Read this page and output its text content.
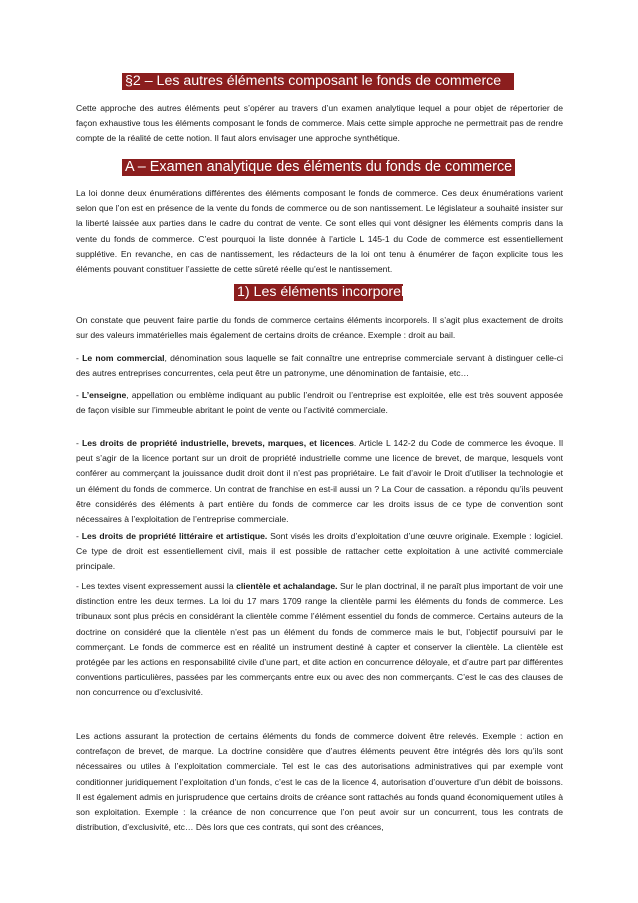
§2 – Les autres éléments composant le fonds de commerce

Cette approche des autres éléments peut s’opérer au travers d’un examen analytique lequel a pour objet de répertorier de façon exhaustive tous les éléments composant le fonds de commerce. Mais cette simple approche ne permettrait pas de rendre compte de la réalité de cette notion. Il faut alors envisager une approche synthétique.

A – Examen analytique des éléments du fonds de commerce

La loi donne deux énumérations différentes des éléments composant le fonds de commerce. Ces deux énumérations varient selon que l’on est en présence de la vente du fonds de commerce ou de son nantissement. Le législateur a souhaité insister sur la liberté laissée aux parties dans le cadre du contrat de vente. Ce sont elles qui vont désigner les éléments compris dans la vente du fonds de commerce. C’est pourquoi la liste donnée à l’article L 145-1 du Code de commerce est essentiellement supplétive. En revanche, en cas de nantissement, les rédacteurs de la loi ont tenu à énumérer de façon explicite tous les éléments pouvant constituer l’assiette de cette sûreté réelle qu’est le nantissement.

1) Les éléments incorporels

On constate que peuvent faire partie du fonds de commerce certains éléments incorporels. Il s’agit plus exactement de droits sur des valeurs immatérielles mais également de certains droits de créance. Exemple : droit au bail.

- Le nom commercial, dénomination sous laquelle se fait connaître une entreprise commerciale servant à distinguer celle-ci des autres entreprises concurrentes, cela peut être un patronyme, une dénomination de fantaisie, etc…

- L’enseigne, appellation ou emblème indiquant au public l’endroit ou l’entreprise est exploitée, elle est très souvent apposée de façon visible sur l’immeuble abritant le point de vente ou l’activité commerciale.

- Les droits de propriété industrielle, brevets, marques, et licences. Article L 142-2 du Code de commerce les évoque. Il peut s’agir de la licence portant sur un droit de propriété industrielle comme une licence de brevet, de marque, lesquels vont conférer au commerçant la jouissance dudit droit dont il n’est pas propriétaire. Le fait d’avoir le Droit d’utiliser la technologie et un élément du fonds de commerce. Un contrat de franchise en est-il aussi un ? La Cour de cassation. a répondu qu’ils peuvent être considérés des éléments à part entière du fonds de commerce car les droits issus de ce type de convention sont nécessaires à l’exploitation de l’entreprise commerciale.

- Les droits de propriété littéraire et artistique. Sont visés les droits d’exploitation d’une œuvre originale. Exemple : logiciel. Ce type de droit est essentiellement civil, mais il est possible de rattacher cette exploitation à une activité commerciale principale.

- Les textes visent expressement aussi la clientèle et achalandage. Sur le plan doctrinal, il ne paraît plus important de voir une distinction entre les deux termes. La loi du 17 mars 1709 range la clientèle parmi les éléments du fonds de commerce. Les tribunaux sont plus précis en considérant la clientèle comme l’élément essentiel du fonds de commerce. Certains auteurs de la doctrine on considéré que la clientèle n’est pas un élément du fonds de commerce mais le but, l’objectif poursuivi par le commerçant. Le fonds de commerce est en réalité un instrument destiné à capter et conserver la clientèle. La clientèle est protégée par les actions en responsabilité civile d’une part, et dite action en concurrence déloyale, et d’autre part par différentes conventions particulières, passées par les commerçants entre eux ou avec des non commerçants. C’est le cas des clauses de non concurrence ou d’exclusivité.

Les actions assurant la protection de certains éléments du fonds de commerce doivent être relevés. Exemple : action en contrefaçon de brevet, de marque. La doctrine considère que d’autres éléments peuvent être intégrés dès lors qu’ils sont nécessaires ou utiles à l’exploitation commerciale. Tel est le cas des autorisations administratives qui par exemple vont conditionner juridiquement l’exploitation d’un fonds, c’est le cas de la licence 4, autorisation d’ouverture d’un débit de boissons. Il est également admis en jurisprudence que certains droits de créance sont rattachés au fonds quand économiquement utiles à son exploitation. Exemple : la créance de non concurrence que l’on peut avoir sur un concurrent, tous les contrats de distribution, d’exclusivité, etc… Dès lors que ces contrats, qui sont des créances,
